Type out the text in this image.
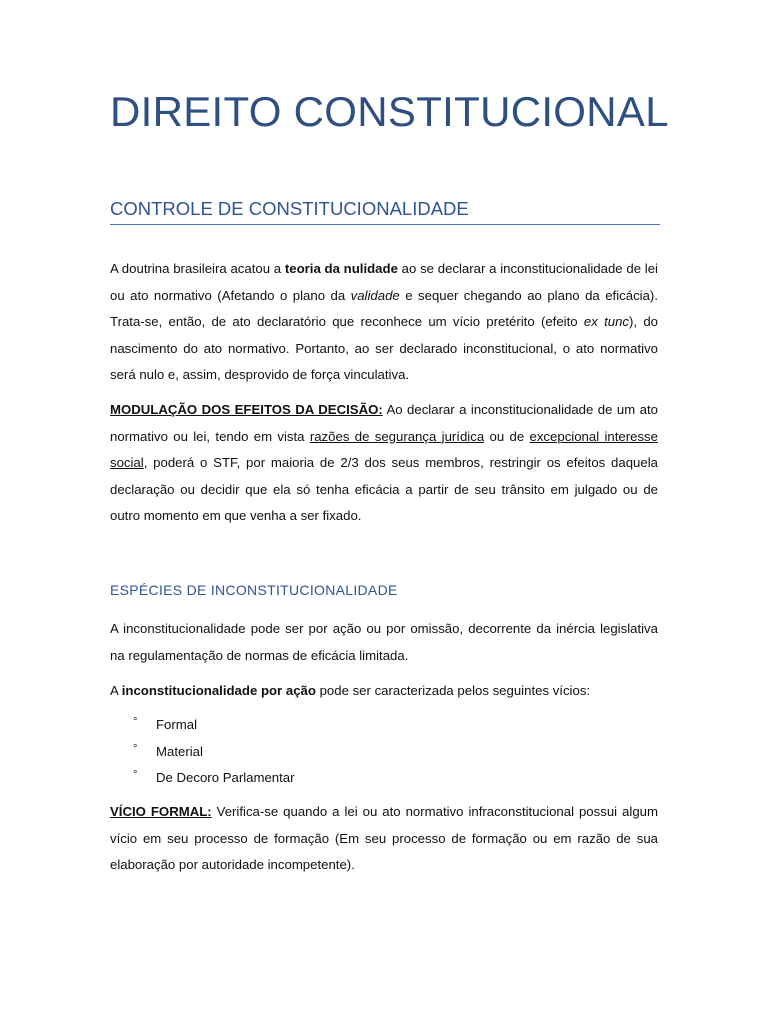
DIREITO CONSTITUCIONAL
CONTROLE DE CONSTITUCIONALIDADE

A doutrina brasileira acatou a teoria da nulidade ao se declarar a inconstitucionalidade de lei ou ato normativo (Afetando o plano da validade e sequer chegando ao plano da eficácia). Trata-se, então, de ato declaratório que reconhece um vício pretérito (efeito ex tunc), do nascimento do ato normativo. Portanto, ao ser declarado inconstitucional, o ato normativo será nulo e, assim, desprovido de força vinculativa.

MODULAÇÃO DOS EFEITOS DA DECISÃO: Ao declarar a inconstitucionalidade de um ato normativo ou lei, tendo em vista razões de segurança jurídica ou de excepcional interesse social, poderá o STF, por maioria de 2/3 dos seus membros, restringir os efeitos daquela declaração ou decidir que ela só tenha eficácia a partir de seu trânsito em julgado ou de outro momento em que venha a ser fixado.

ESPÉCIES DE INCONSTITUCIONALIDADE

A inconstitucionalidade pode ser por ação ou por omissão, decorrente da inércia legislativa na regulamentação de normas de eficácia limitada.

A inconstitucionalidade por ação pode ser caracterizada pelos seguintes vícios:

° Formal
° Material
° De Decoro Parlamentar

VÍCIO FORMAL: Verifica-se quando a lei ou ato normativo infraconstitucional possui algum vício em seu processo de formação (Em seu processo de formação ou em razão de sua elaboração por autoridade incompetente).
